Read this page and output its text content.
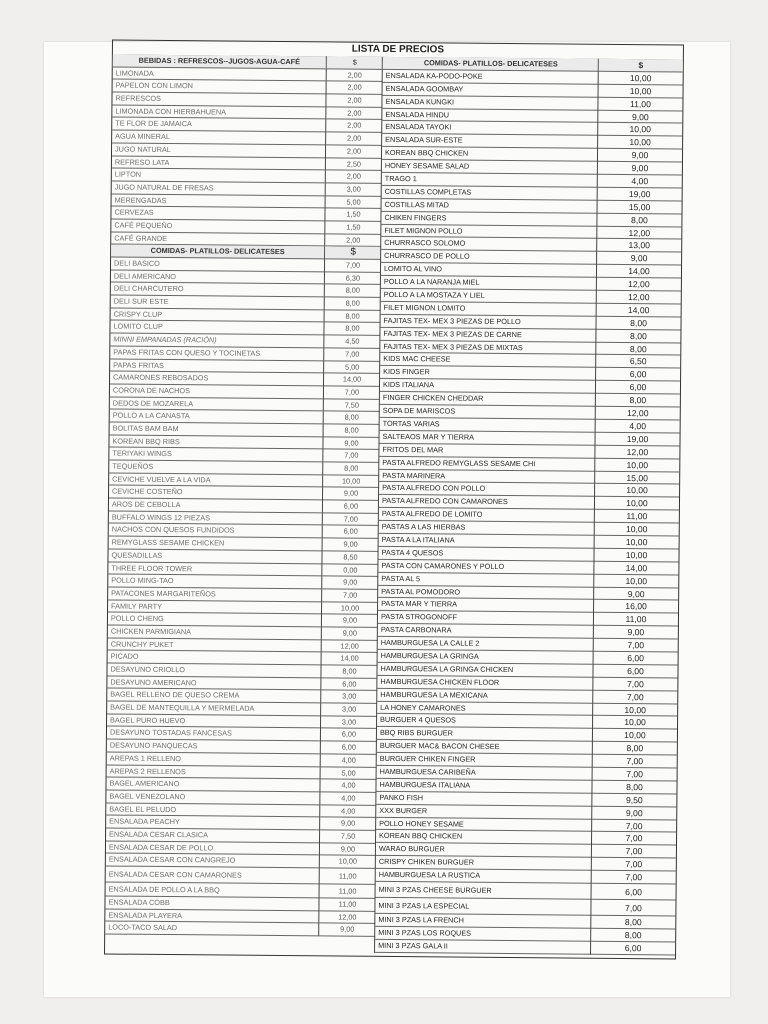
LISTA DE PRECIOS
BEBIDAS : REFRESCOS--JUGOS-AGUA-CAFÉ
LIMONADA
PAPELON CON LIMON
REFRESCOS
LIMONADA CON HIERBAHUENA
TE FLOR DE JAMAICA
AGUA MINERAL
JUGO NATURAL
REFRESO LATA
LIPTON
JUGO NATURAL DE FRESAS
MERENGADAS
CERVEZAS
CAFÉ PEQUEÑO
CAFÉ GRANDE
COMIDAS- PLATILLOS- DELICATESES
DELI BASICO
DELI AMERICANO
DELI CHARCUTERO
DELI SUR ESTE
CRISPY CLUP
LOMITO CLUP
MINNI EMPANADAS (RACIÓN)
PAPAS FRITAS CON QUESO Y TOCINETAS
PAPAS FRITAS
CAMARONES REBOSADOS
CORONA DE NACHOS
DEDOS DE MOZARELA
POLLO A LA CANASTA
BOLITAS BAM BAM
KOREAN BBQ RIBS
TERIYAKI WINGS
TEQUEÑOS
CEVICHE VUELVE A LA VIDA
CEVICHE COSTEÑO
AROS DE CEBOLLA
BUFFALO WINGS 12 PIEZAS
NACHOS CON QUESOS FUNDIDOS
REMYGLASS SESAME CHICKEN
QUESADILLAS
THREE FLOOR TOWER
POLLO MING-TAO
PATACONES MARGARITEÑOS
FAMILY PARTY
POLLO CHENG
CHICKEN PARMIGIANA
CRUNCHY PUKET
PICADO
DESAYUNO CRIOLLO
DESAYUNO AMERICANO
BAGEL RELLENO DE QUESO CREMA
BAGEL DE MANTEQUILLA Y MERMELADA
BAGEL PURO HUEVO
DESAYUNO TOSTADAS FANCESAS
DESAYUNO PANQUECAS
AREPAS 1 RELLENO
AREPAS 2 RELLENOS
BAGEL AMERICANO
BAGEL VENEZOLANO
BAGEL EL PELUDO
ENSALADA PEACHY
ENSALADA CESAR CLASICA
ENSALADA CESAR DE POLLO
ENSALADA CESAR CON CANGREJO
ENSALADA CESAR CON CAMARONES
ENSALADA DE POLLO A LA BBQ
ENSALADA COBB
ENSALADA PLAYERA
LOCO-TACO SALAD
$
2,00
2,00
2,00
2,00
2,00
2,00
2,00
2,50
2,00
3,00
5,00
1,50
1,50
2,00
$
7,00
6,30
8,00
8,00
8,00
8,00
4,50
7,00
5,00
14,00
7,00
7,50
8,00
8,00
9,00
7,00
8,00
10,00
9,00
6,00
7,00
6,00
9,00
8,50
0,00
9,00
7,00
10,00
9,00
9,00
12,00
14,00
8,00
6,00
3,00
3,00
3,00
6,00
6,00
4,00
5,00
4,00
4,00
4,00
9,00
7,50
9,00
10,00
11,00
11,00
11,00
12,00
9,00
COMIDAS- PLATILLOS- DELICATESES
ENSALADA KA-PODO-POKE
ENSALADA GOOMBAY
ENSALADA KUNGKI
ENSALADA HINDU
ENSALADA TAYOKI
ENSALADA SUR-ESTE
KOREAN BBQ CHICKEN
HONEY SESAME SALAD
TRAGO 1
COSTILLAS COMPLETAS
COSTILLAS MITAD
CHIKEN FINGERS
FILET MIGNON POLLO
CHURRASCO SOLOMO
CHURRASCO DE POLLO
LOMITO AL VINO
POLLO A LA NARANJA MIEL
POLLO A LA MOSTAZA Y LIEL
FILET MIGNON LOMITO
FAJITAS TEX- MEX 3 PIEZAS DE POLLO
FAJITAS TEX- MEX 3 PIEZAS DE CARNE
FAJITAS TEX- MEX 3 PIEZAS DE MIXTAS
KIDS MAC CHEESE
KIDS FINGER
KIDS ITALIANA
FINGER CHICKEN CHEDDAR
SOPA DE MARISCOS
TORTAS VARIAS
SALTEAOS MAR Y TIERRA
FRITOS DEL MAR
PASTA ALFREDO REMYGLASS SESAME CHI
PASTA MARINERA
PASTA ALFREDO CON POLLO
PASTA ALFREDO CON CAMARONES
PASTA ALFREDO DE LOMITO
PASTAS A LAS HIERBAS
PASTA A LA ITALIANA
PASTA 4 QUESOS
PASTA CON CAMARONES Y POLLO
PASTA AL 5
PASTA AL POMODORO
PASTA MAR Y TIERRA
PASTA STROGONOFF
PASTA CARBONARA
HAMBURGUESA LA CALLE 2
HAMBURGUESA LA GRINGA
HAMBURGUESA LA GRINGA CHICKEN
HAMBURGUESA CHICKEN FLOOR
HAMBURGUESA LA MEXICANA
LA HONEY CAMARONES
BURGUER 4 QUESOS
BBQ RIBS BURGUER
BURGUER MAC& BACON CHESEE
BURGUER CHIKEN FINGER
HAMBURGUESA CARIBEÑA
HAMBURGUESA ITALIANA
PANKO FISH
XXX BURGER
POLLO HONEY SESAME
KOREAN BBQ CHICKEN
WARAO BURGUER
CRISPY CHIKEN BURGUER
HAMBURGUESA LA RUSTICA
MINI 3 PZAS CHEESE BURGUER
MINI 3 PZAS LA ESPECIAL
MINI 3 PZAS LA FRENCH
MINI 3 PZAS LOS ROQUES
MINI 3 PZAS GALA II
$
10,00
10,00
11,00
9,00
10,00
10,00
9,00
9,00
4,00
19,00
15,00
8,00
12,00
13,00
9,00
14,00
12,00
12,00
14,00
8,00
8,00
8,00
6,50
6,00
6,00
8,00
12,00
4,00
19,00
12,00
10,00
15,00
10,00
10,00
11,00
10,00
10,00
10,00
14,00
10,00
9,00
16,00
11,00
9,00
7,00
6,00
6,00
7,00
7,00
10,00
10,00
10,00
8,00
7,00
7,00
8,00
9,50
9,00
7,00
7,00
7,00
7,00
7,00
6,00
7,00
8,00
8,00
6,00
